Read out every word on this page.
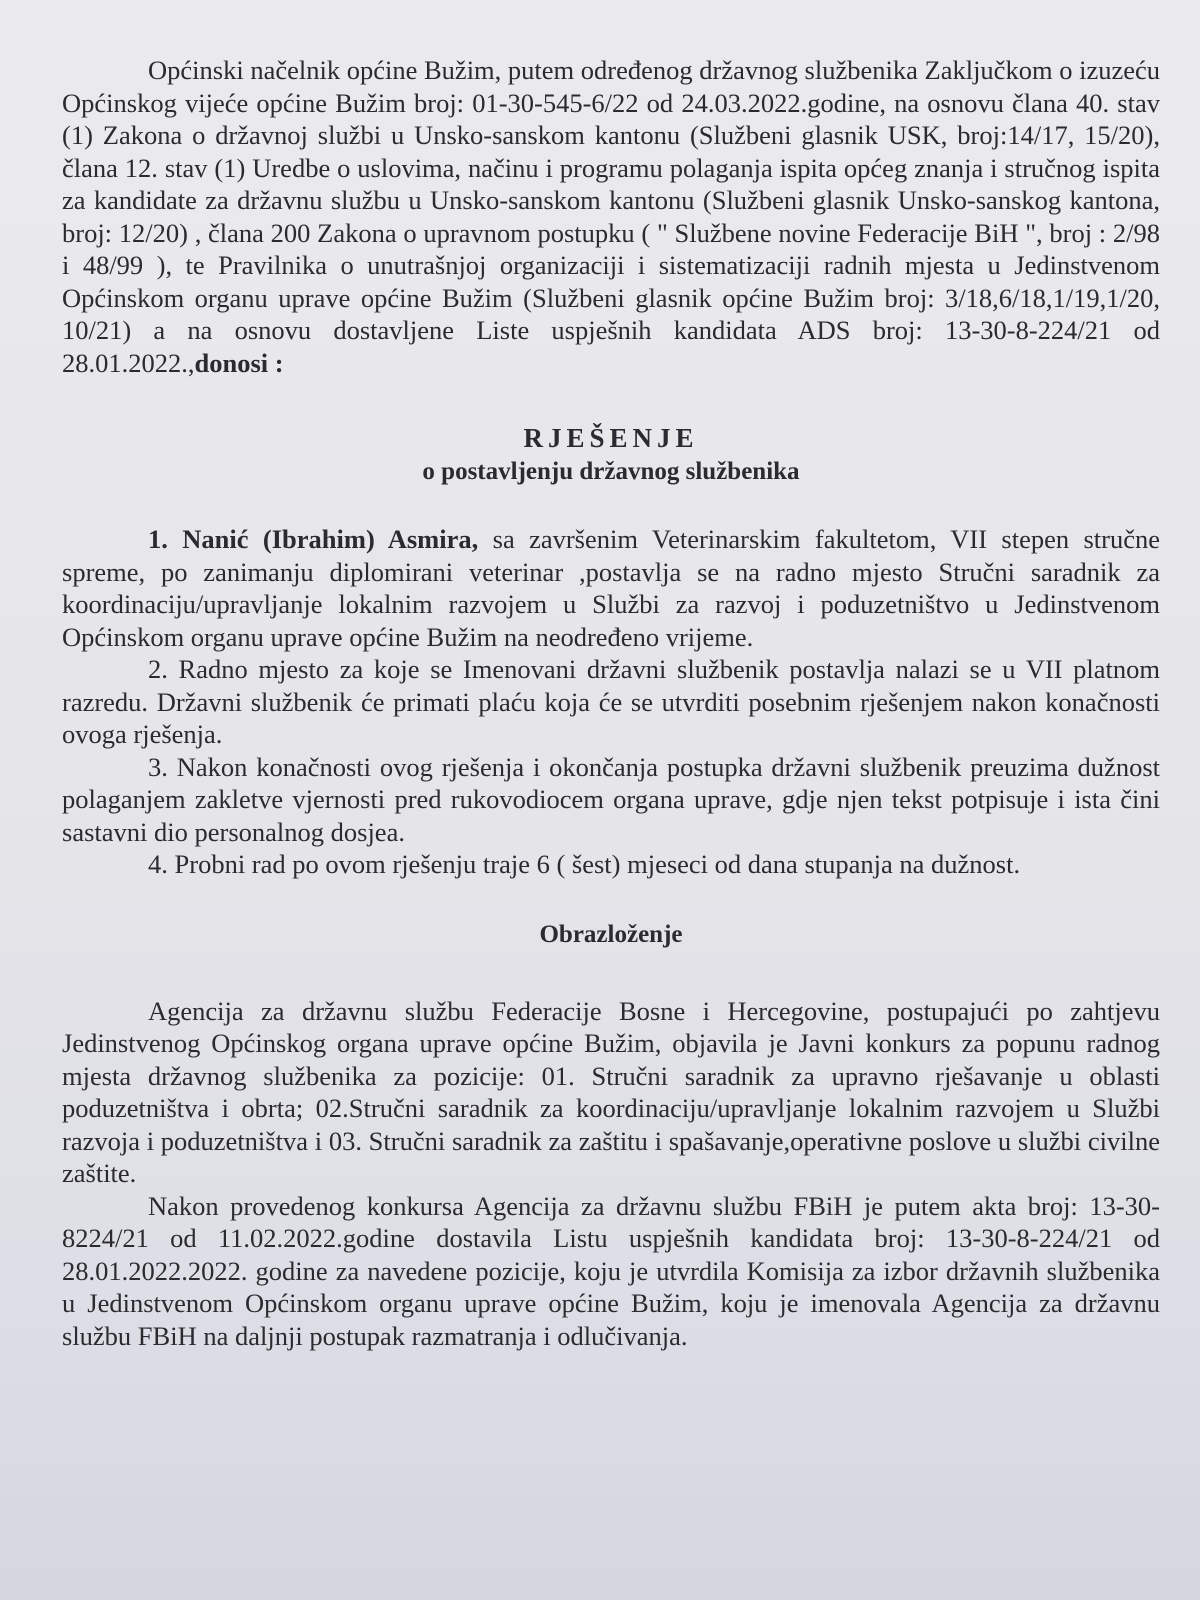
Općinski načelnik općine Bužim, putem određenog državnog službenika Zaključkom o izuzeću Općinskog vijeće općine Bužim broj: 01-30-545-6/22 od 24.03.2022.godine, na osnovu člana 40. stav (1) Zakona o državnoj službi u Unsko-sanskom kantonu (Službeni glasnik USK, broj:14/17, 15/20), člana 12. stav (1) Uredbe o uslovima, načinu i programu polaganja ispita općeg znanja i stručnog ispita za kandidate za državnu službu u Unsko-sanskom kantonu (Službeni glasnik Unsko-sanskog kantona, broj: 12/20) , člana 200 Zakona o upravnom postupku ( " Službene novine Federacije BiH ", broj : 2/98 i 48/99 ), te Pravilnika o unutrašnjoj organizaciji i sistematizaciji radnih mjesta u Jedinstvenom Općinskom organu uprave općine Bužim (Službeni glasnik općine Bužim broj: 3/18,6/18,1/19,1/20, 10/21) a na osnovu dostavljene Liste uspješnih kandidata ADS broj: 13-30-8-224/21 od 28.01.2022.,donosi :

RJEŠENJE
o postavljenju državnog službenika

1. Nanić (Ibrahim) Asmira, sa završenim Veterinarskim fakultetom, VII stepen stručne spreme, po zanimanju diplomirani veterinar ,postavlja se na radno mjesto Stručni saradnik za koordinaciju/upravljanje lokalnim razvojem u Službi za razvoj i poduzetništvo u Jedinstvenom Općinskom organu uprave općine Bužim na neodređeno vrijeme.

2. Radno mjesto za koje se Imenovani državni službenik postavlja nalazi se u VII platnom razredu. Državni službenik će primati plaću koja će se utvrditi posebnim rješenjem nakon konačnosti ovoga rješenja.

3. Nakon konačnosti ovog rješenja i okončanja postupka državni službenik preuzima dužnost polaganjem zakletve vjernosti pred rukovodiocem organa uprave, gdje njen tekst potpisuje i ista čini sastavni dio personalnog dosjea.

4. Probni rad po ovom rješenju traje 6 ( šest) mjeseci od dana stupanja na dužnost.

Obrazloženje

Agencija za državnu službu Federacije Bosne i Hercegovine, postupajući po zahtjevu Jedinstvenog Općinskog organa uprave općine Bužim, objavila je Javni konkurs za popunu radnog mjesta državnog službenika za pozicije: 01. Stručni saradnik za upravno rješavanje u oblasti poduzetništva i obrta; 02.Stručni saradnik za koordinaciju/upravljanje lokalnim razvojem u Službi razvoja i poduzetništva i 03. Stručni saradnik za zaštitu i spašavanje,operativne poslove u službi civilne zaštite.

Nakon provedenog konkursa Agencija za državnu službu FBiH je putem akta broj: 13-30-8224/21 od 11.02.2022.godine dostavila Listu uspješnih kandidata broj: 13-30-8-224/21 od 28.01.2022.2022. godine za navedene pozicije, koju je utvrdila Komisija za izbor državnih službenika u Jedinstvenom Općinskom organu uprave općine Bužim, koju je imenovala Agencija za državnu službu FBiH na daljnji postupak razmatranja i odlučivanja.
